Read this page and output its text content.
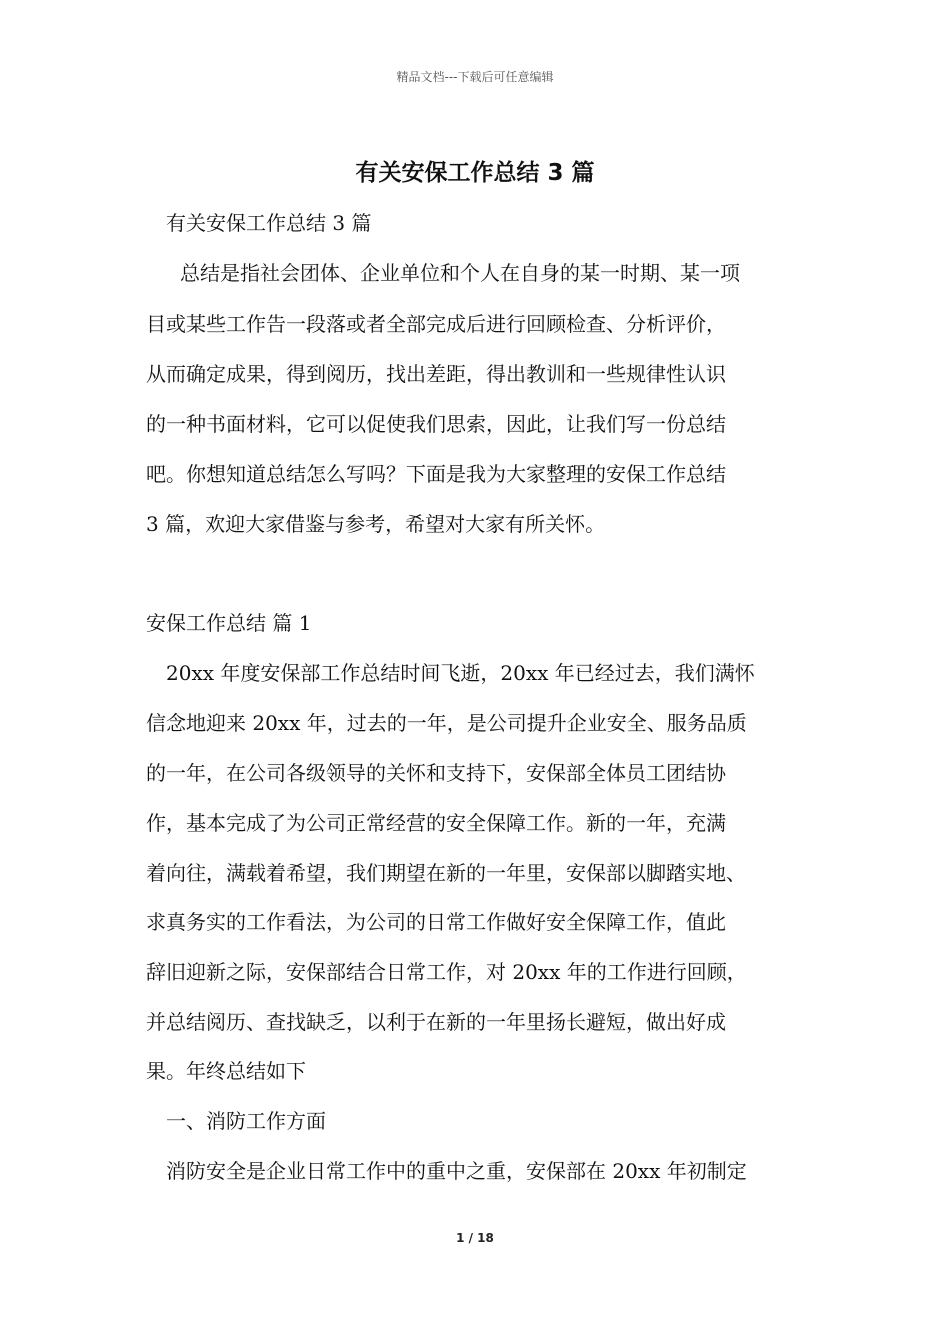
精品文档---下载后可任意编辑
有关安保工作总结 3 篇
有关安保工作总结 3 篇
总结是指社会团体、企业单位和个人在自身的某一时期、某一项
目或某些工作告一段落或者全部完成后进行回顾检查、分析评价，
从而确定成果，得到阅历，找出差距，得出教训和一些规律性认识
的一种书面材料，它可以促使我们思索，因此，让我们写一份总结
吧。你想知道总结怎么写吗？下面是我为大家整理的安保工作总结
3 篇，欢迎大家借鉴与参考，希望对大家有所关怀。
安保工作总结 篇 1
20xx 年度安保部工作总结时间飞逝，20xx 年已经过去，我们满怀
信念地迎来 20xx 年，过去的一年，是公司提升企业安全、服务品质
的一年，在公司各级领导的关怀和支持下，安保部全体员工团结协
作，基本完成了为公司正常经营的安全保障工作。新的一年，充满
着向往，满载着希望，我们期望在新的一年里，安保部以脚踏实地、
求真务实的工作看法，为公司的日常工作做好安全保障工作，值此
辞旧迎新之际，安保部结合日常工作，对 20xx 年的工作进行回顾，
并总结阅历、查找缺乏，以利于在新的一年里扬长避短，做出好成
果。年终总结如下
一、消防工作方面
消防安全是企业日常工作中的重中之重，安保部在 20xx 年初制定
1 / 18
